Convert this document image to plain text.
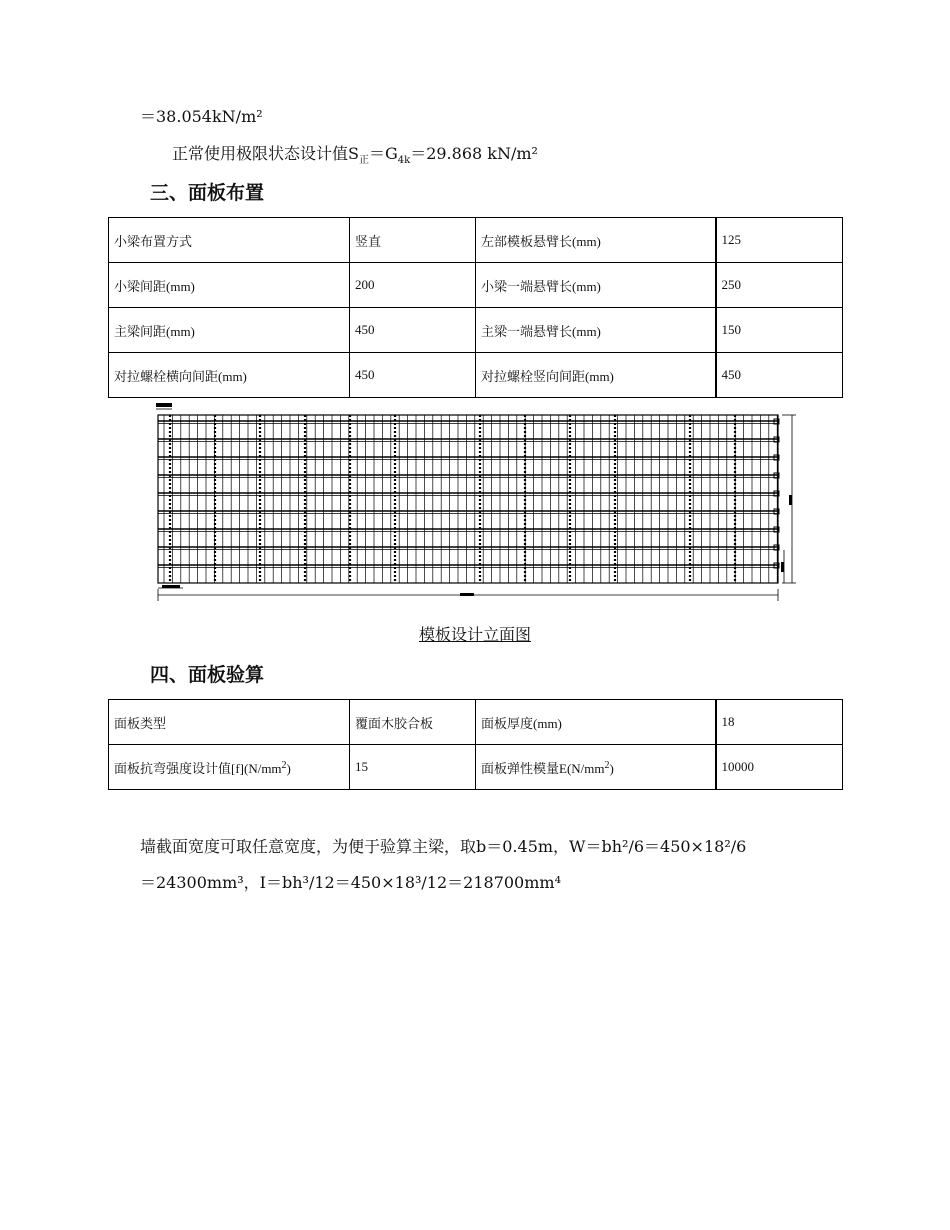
＝38.054kN/m²
正常使用极限状态设计值$S_正=G_{4k}=29.868$ kN/m²
三、面板布置
小梁布置方式	竖直	左部模板悬臂长(mm)	125
小梁间距(mm)	200	小梁一端悬臂长(mm)	250
主梁间距(mm)	450	主梁一端悬臂长(mm)	150
对拉螺栓横向间距(mm)	450	对拉螺栓竖向间距(mm)	450
模板设计立面图
四、面板验算
面板类型	覆面木胶合板	面板厚度(mm)	18
面板抗弯强度设计值$[f](N/mm^2)$	15	面板弹性模量$E(N/mm^2)$	10000
墙截面宽度可取任意宽度，为便于验算主梁，取b＝0.45m，W＝bh²/6＝450×18²/6
＝24300mm³，I＝bh³/12＝450×18³/12＝218700mm⁴
